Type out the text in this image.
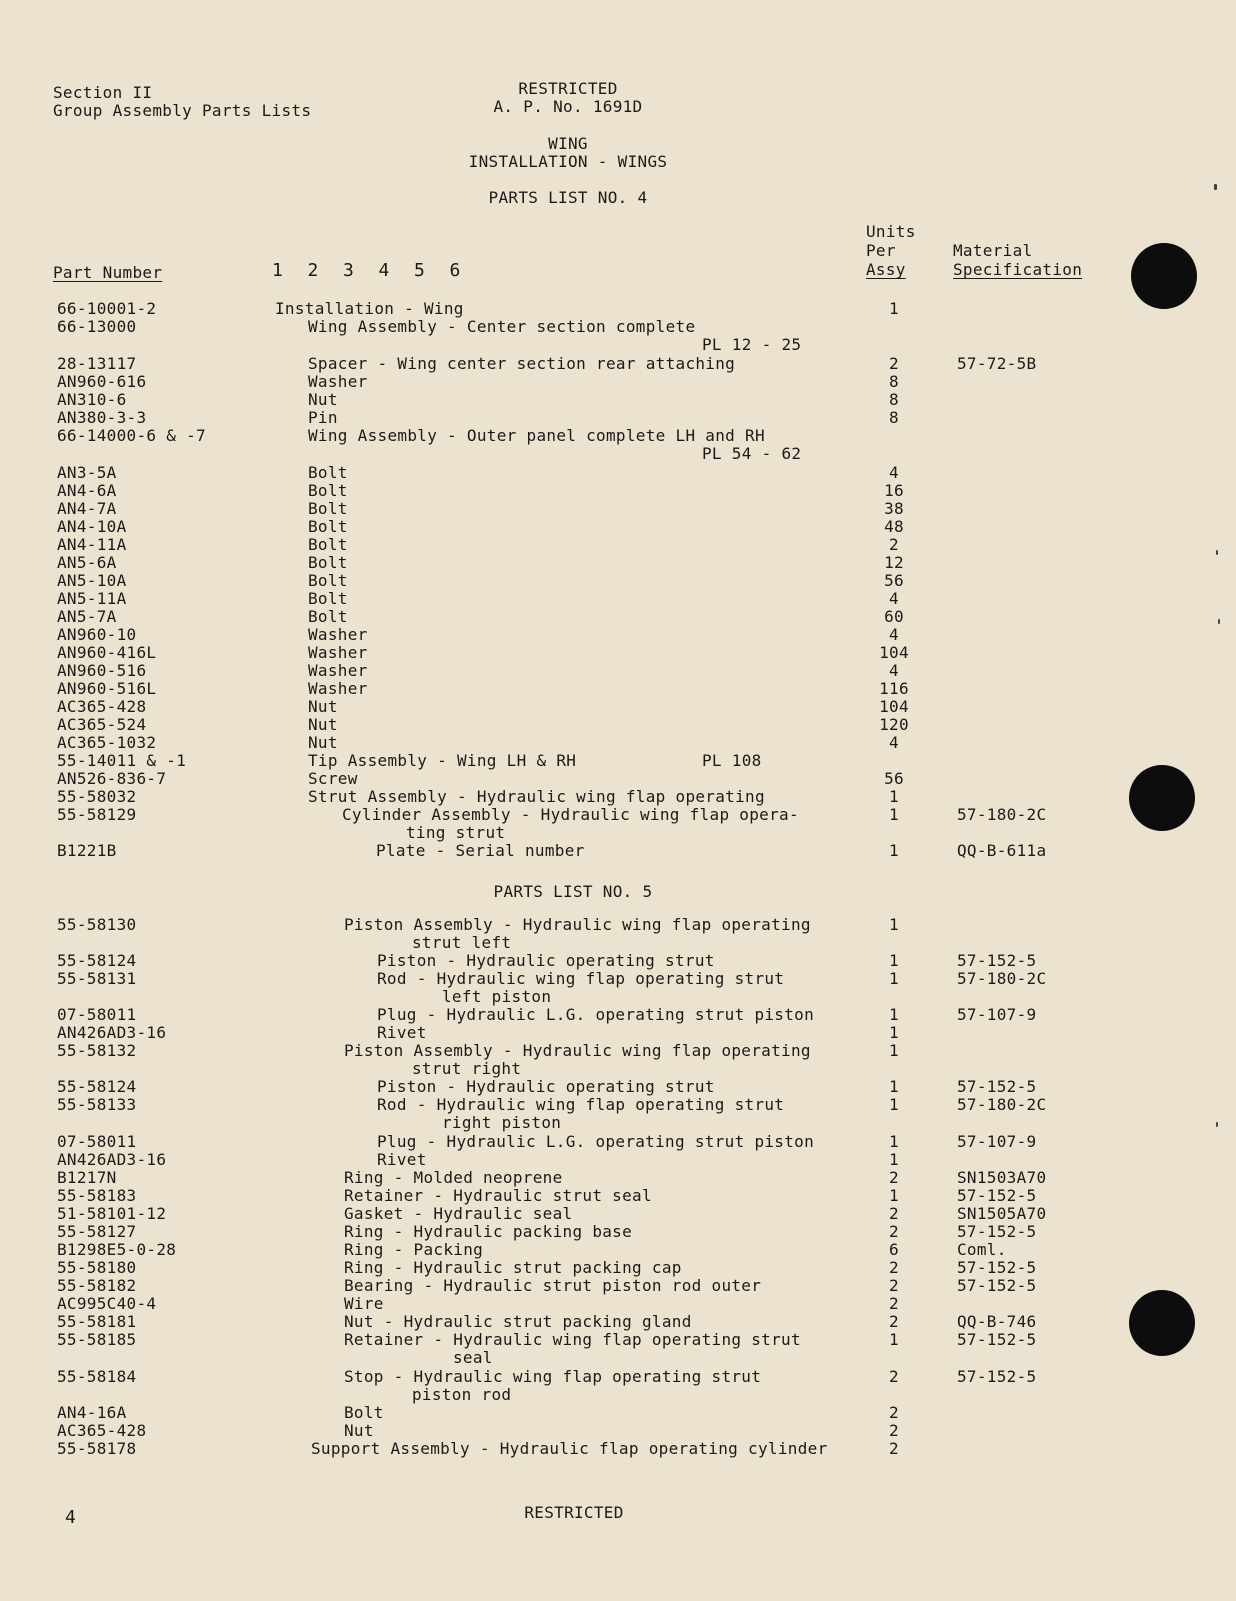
Section II
Group Assembly Parts Lists
RESTRICTED
A. P. No. 1691D
WING
INSTALLATION - WINGS
PARTS LIST NO. 4
Part Number	1  2  3  4  5  6
Units
Per
Assy
Material
Specification
66-10001-2	Installation - Wing	1
66-13000	Wing Assembly - Center section complete
PL 12 - 25
28-13117	Spacer - Wing center section rear attaching	2	57-72-5B
AN960-616	Washer	8
AN310-6	Nut	8
AN380-3-3	Pin	8
66-14000-6 & -7	Wing Assembly - Outer panel complete LH and RH
PL 54 - 62
AN3-5A	Bolt	4
AN4-6A	Bolt	16
AN4-7A	Bolt	38
AN4-10A	Bolt	48
AN4-11A	Bolt	2
AN5-6A	Bolt	12
AN5-10A	Bolt	56
AN5-11A	Bolt	4
AN5-7A	Bolt	60
AN960-10	Washer	4
AN960-416L	Washer	104
AN960-516	Washer	4
AN960-516L	Washer	116
AC365-428	Nut	104
AC365-524	Nut	120
AC365-1032	Nut	4
55-14011 & -1	Tip Assembly - Wing LH & RH	PL 108
AN526-836-7	Screw	56
55-58032	Strut Assembly - Hydraulic wing flap operating	1
55-58129	Cylinder Assembly - Hydraulic wing flap opera-	1	57-180-2C
ting strut
B1221B	Plate - Serial number	1	QQ-B-611a
PARTS LIST NO. 5
55-58130	Piston Assembly - Hydraulic wing flap operating	1
strut left
55-58124	Piston - Hydraulic operating strut	1	57-152-5
55-58131	Rod - Hydraulic wing flap operating strut	1	57-180-2C
left piston
07-58011	Plug - Hydraulic L.G. operating strut piston	1	57-107-9
AN426AD3-16	Rivet	1
55-58132	Piston Assembly - Hydraulic wing flap operating	1
strut right
55-58124	Piston - Hydraulic operating strut	1	57-152-5
55-58133	Rod - Hydraulic wing flap operating strut	1	57-180-2C
right piston
07-58011	Plug - Hydraulic L.G. operating strut piston	1	57-107-9
AN426AD3-16	Rivet	1
B1217N	Ring - Molded neoprene	2	SN1503A70
55-58183	Retainer - Hydraulic strut seal	1	57-152-5
51-58101-12	Gasket - Hydraulic seal	2	SN1505A70
55-58127	Ring - Hydraulic packing base	2	57-152-5
B1298E5-0-28	Ring - Packing	6	Coml.
55-58180	Ring - Hydraulic strut packing cap	2	57-152-5
55-58182	Bearing - Hydraulic strut piston rod outer	2	57-152-5
AC995C40-4	Wire	2
55-58181	Nut - Hydraulic strut packing gland	2	QQ-B-746
55-58185	Retainer - Hydraulic wing flap operating strut	1	57-152-5
seal
55-58184	Stop - Hydraulic wing flap operating strut	2	57-152-5
piston rod
AN4-16A	Bolt	2
AC365-428	Nut	2
55-58178	Support Assembly - Hydraulic flap operating cylinder	2
4	RESTRICTED
